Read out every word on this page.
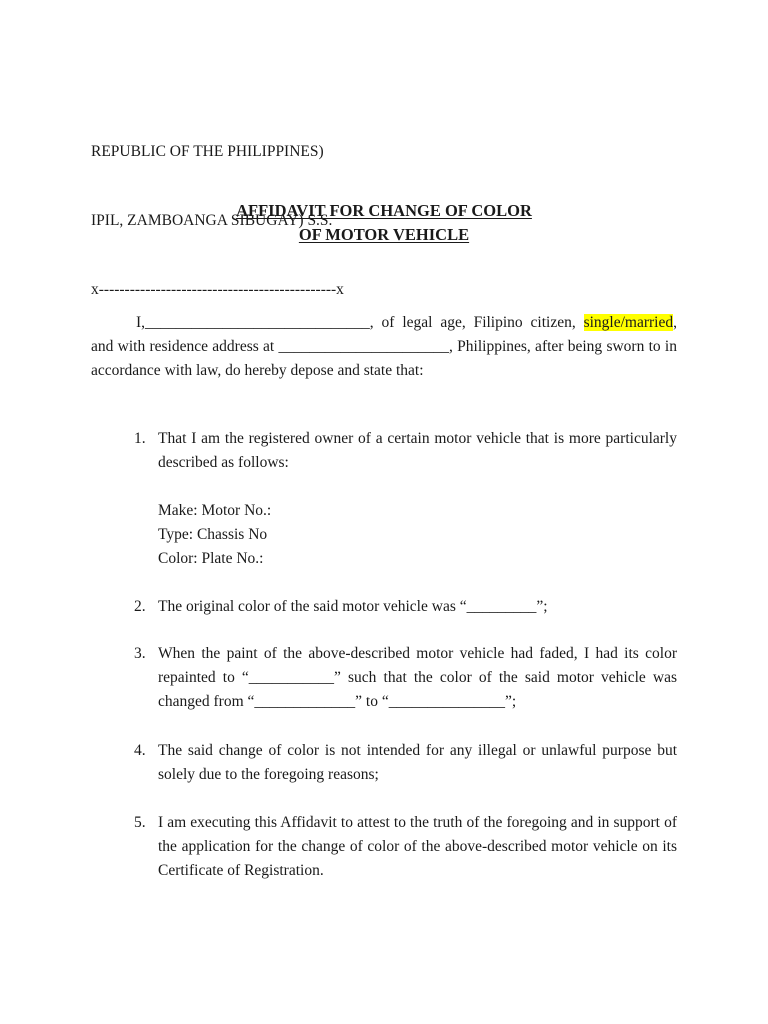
REPUBLIC OF THE PHILIPPINES)

IPIL, ZAMBOANGA SIBUGAY) S.S.

x----------------------------------------------x

AFFIDAVIT FOR CHANGE OF COLOR
OF MOTOR VEHICLE

I,_____________________________, of legal age, Filipino citizen, single/married, and with residence address at ______________________, Philippines, after being sworn to in accordance with law, do hereby depose and state that:

1. That I am the registered owner of a certain motor vehicle that is more particularly described as follows:
Make: Motor No.:
Type: Chassis No
Color: Plate No.:
2. The original color of the said motor vehicle was “_________”;
3. When the paint of the above-described motor vehicle had faded, I had its color repainted to “___________” such that the color of the said motor vehicle was changed from “_____________” to “_______________”;
4. The said change of color is not intended for any illegal or unlawful purpose but solely due to the foregoing reasons;
5. I am executing this Affidavit to attest to the truth of the foregoing and in support of the application for the change of color of the above-described motor vehicle on its Certificate of Registration.
